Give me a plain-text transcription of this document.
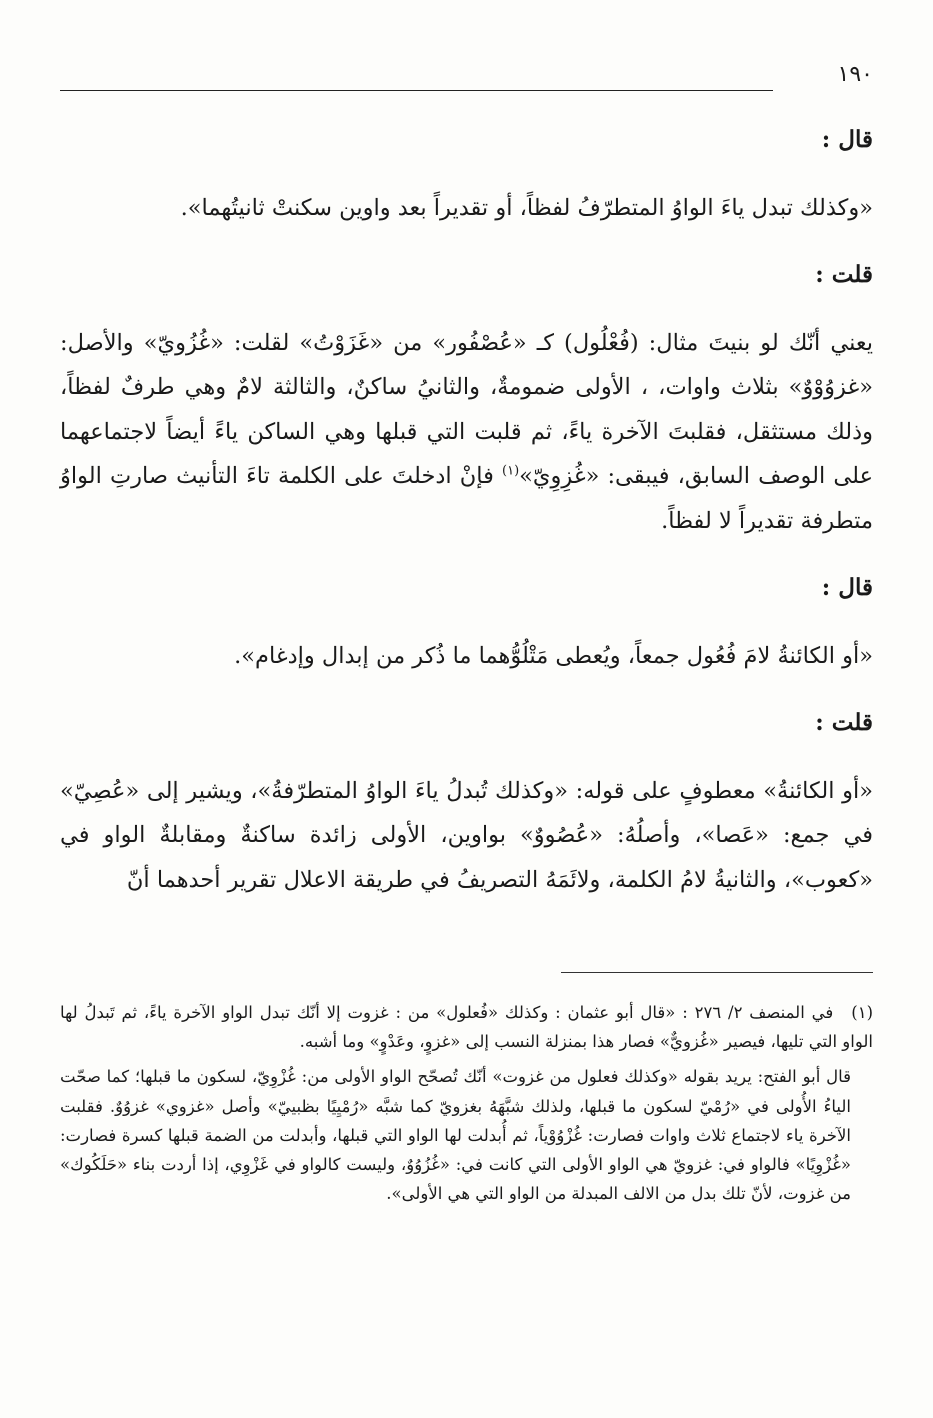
١٩٠

قال :

«وكذلك تبدل ياءَ الواوُ المتطرّفُ لفظاً، أو تقديراً بعد واوين سكنتْ ثانيتُهما».

قلت :

يعني أنّك لو بنيتَ مثال: (فُعْلُول) كـ «عُصْفُور» من «غَزَوْتُ» لقلت: «غُزُويّ» والأصل: «غزوُوْوٌ» بثلاث واوات، ، الأولى ضمومةٌ، والثانيُ ساكنٌ، والثالثة لامٌ وهي طرفٌ لفظاً، وذلك مستثقل، فقلبتَ الآخرة ياءً، ثم قلبت التي قبلها وهي الساكن ياءً أيضاً لاجتماعهما على الوصف السابق، فيبقى: «غُزِوِيّ»$^{(١)}$ فإنْ ادخلتَ على الكلمة تاءَ التأنيث صارتِ الواوُ متطرفة تقديراً لا لفظاً.

قال :

«أو الكائنةُ لامَ فُعُول جمعاً، ويُعطى مَتْلُوُّهما ما ذُكر من إبدال وإدغام».

قلت :

«أو الكائنةُ» معطوفٍ على قوله: «وكذلك تُبدلُ ياءَ الواوُ المتطرّفةُ»، ويشير إلى «عُصِيّ» في جمع: «عَصا»، وأصلُهُ: «عُصُووٌ» بواوين، الأولى زائدة ساكنةٌ ومقابلةٌ الواو في «كعوب»، والثانيةُ لامُ الكلمة، ولائَمَهُ التصريفُ في طريقة الاعلال تقرير أحدهما أنّ

(١)في المنصف ٢/ ٢٧٦ : «قال أبو عثمان : وكذلك «فُعلول» من : غزوت إلا أنّك تبدل الواو الآخرة ياءً، ثم تَبدلُ لها الواو التي تليها، فيصير «غُزويٌّ» فصار هذا بمنزلة النسب إلى «غزوٍ، وعَدْوٍ» وما أشبه.

قال أبو الفتح: يريد بقوله «وكذلك فعلول من غزوت» أنّك تُصحّح الواو الأولى من: غُزْوِيّ، لسكون ما قبلها؛ كما صحّت الياءُ الأُولى في «رُمْيّ لسكون ما قبلها، ولذلك شبَّهَهُ بغزويّ كما شبَّه «رُمْيِيًا بظبييّ» وأصل «غزوي» غزوُوٌ. فقلبت الآخرة ياء لاجتماع ثلاث واوات فصارت: غُزْوُوْياً، ثم أُبدلت لها الواو التي قبلها، وأبدلت من الضمة قبلها كسرة فصارت: «غُزْوِيًا» فالواو في: غزويّ هي الواو الأولى التي كانت في: «غُزُوُوٌ، وليست كالواو في غَزْوِي، إذا أردت بناء «حَلَكُوك» من غزوت، لأنّ تلك بدل من الالف المبدلة من الواو التي هي الأولى».
